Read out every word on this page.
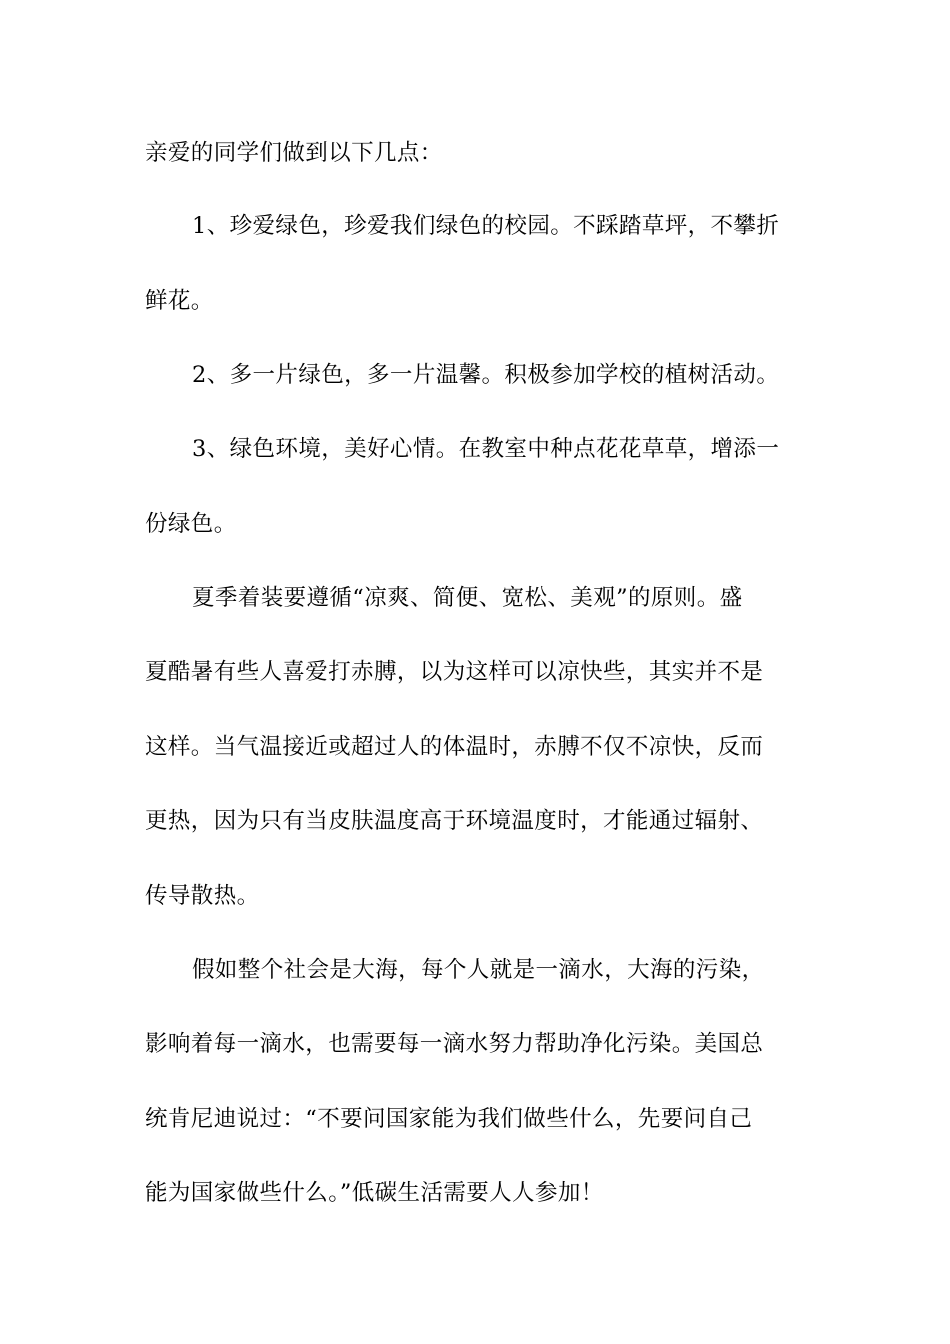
亲爱的同学们做到以下几点：
1、珍爱绿色，珍爱我们绿色的校园。不踩踏草坪，不攀折
鲜花。
2、多一片绿色，多一片温馨。积极参加学校的植树活动。
3、绿色环境，美好心情。在教室中种点花花草草，增添一
份绿色。
夏季着装要遵循“凉爽、简便、宽松、美观”的原则。盛
夏酷暑有些人喜爱打赤膊，以为这样可以凉快些，其实并不是
这样。当气温接近或超过人的体温时，赤膊不仅不凉快，反而
更热，因为只有当皮肤温度高于环境温度时，才能通过辐射、
传导散热。
假如整个社会是大海，每个人就是一滴水，大海的污染，
影响着每一滴水，也需要每一滴水努力帮助净化污染。美国总
统肯尼迪说过：“不要问国家能为我们做些什么，先要问自己
能为国家做些什么。”低碳生活需要人人参加！
